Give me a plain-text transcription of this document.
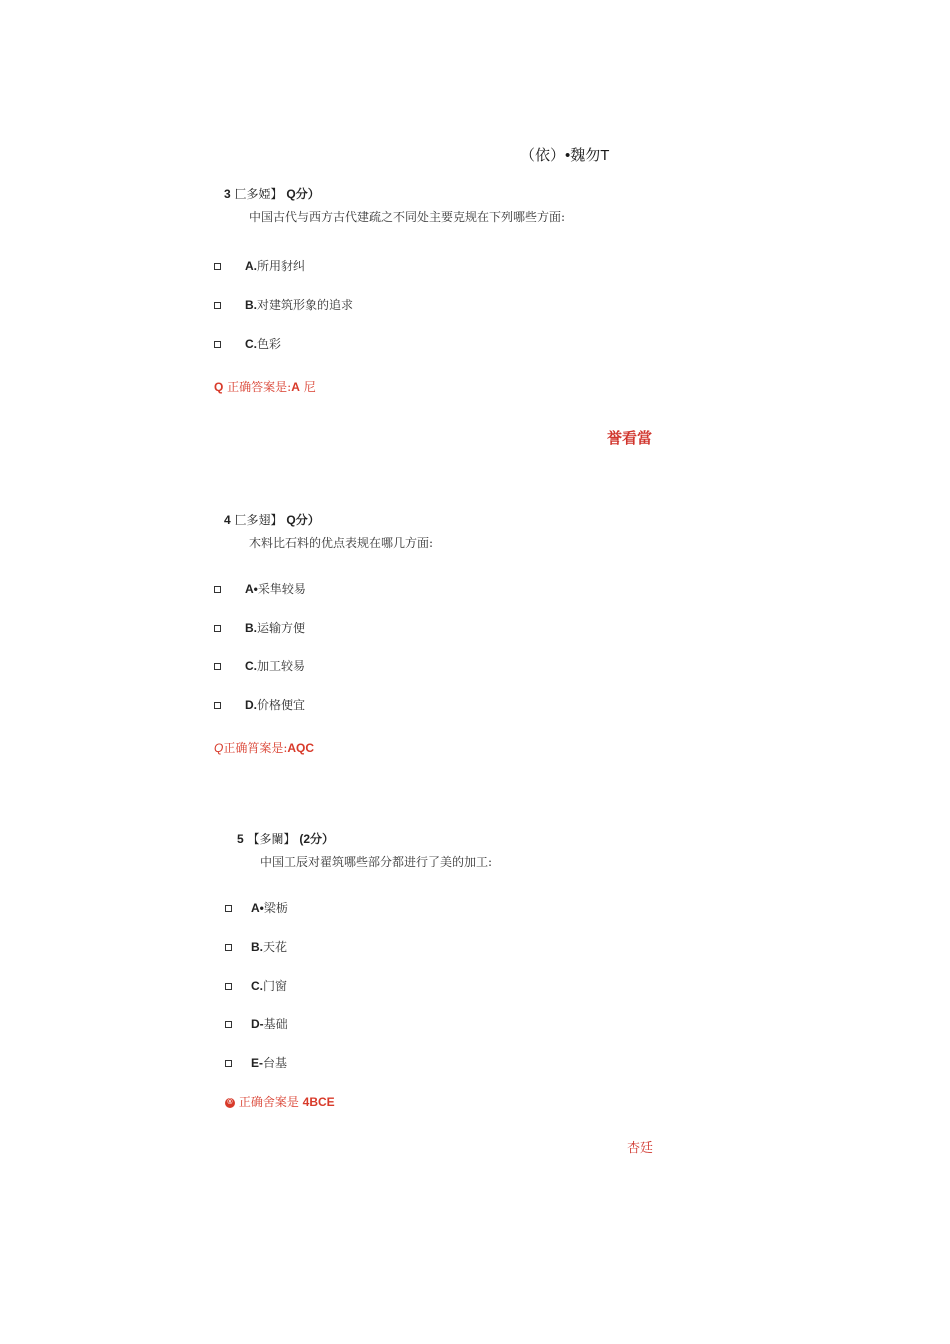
（依）•魏勿T
3 匚多婭】 Q分）
中国古代与西方古代建疏之不同处主要克规在下列哪些方面:
A.所用豺纠
B.对建筑形象的追求
C.色彩
Q 正确答案是:A 尼
誉看當
4 匚多翅】 Q分）
木料比石料的优点表规在哪几方面:
A•采隼较易
B.运输方便
C.加工较易
D.价格便宜
Q正确筲案是:AQC
5 【多闌】 (2分）
中国工辰对翟筑哪些部分都进行了美的加工:
A•梁栃
B.天花
C.门窗
D-基础
E-台基
® 正确舍案是 4BCE
杏廷
